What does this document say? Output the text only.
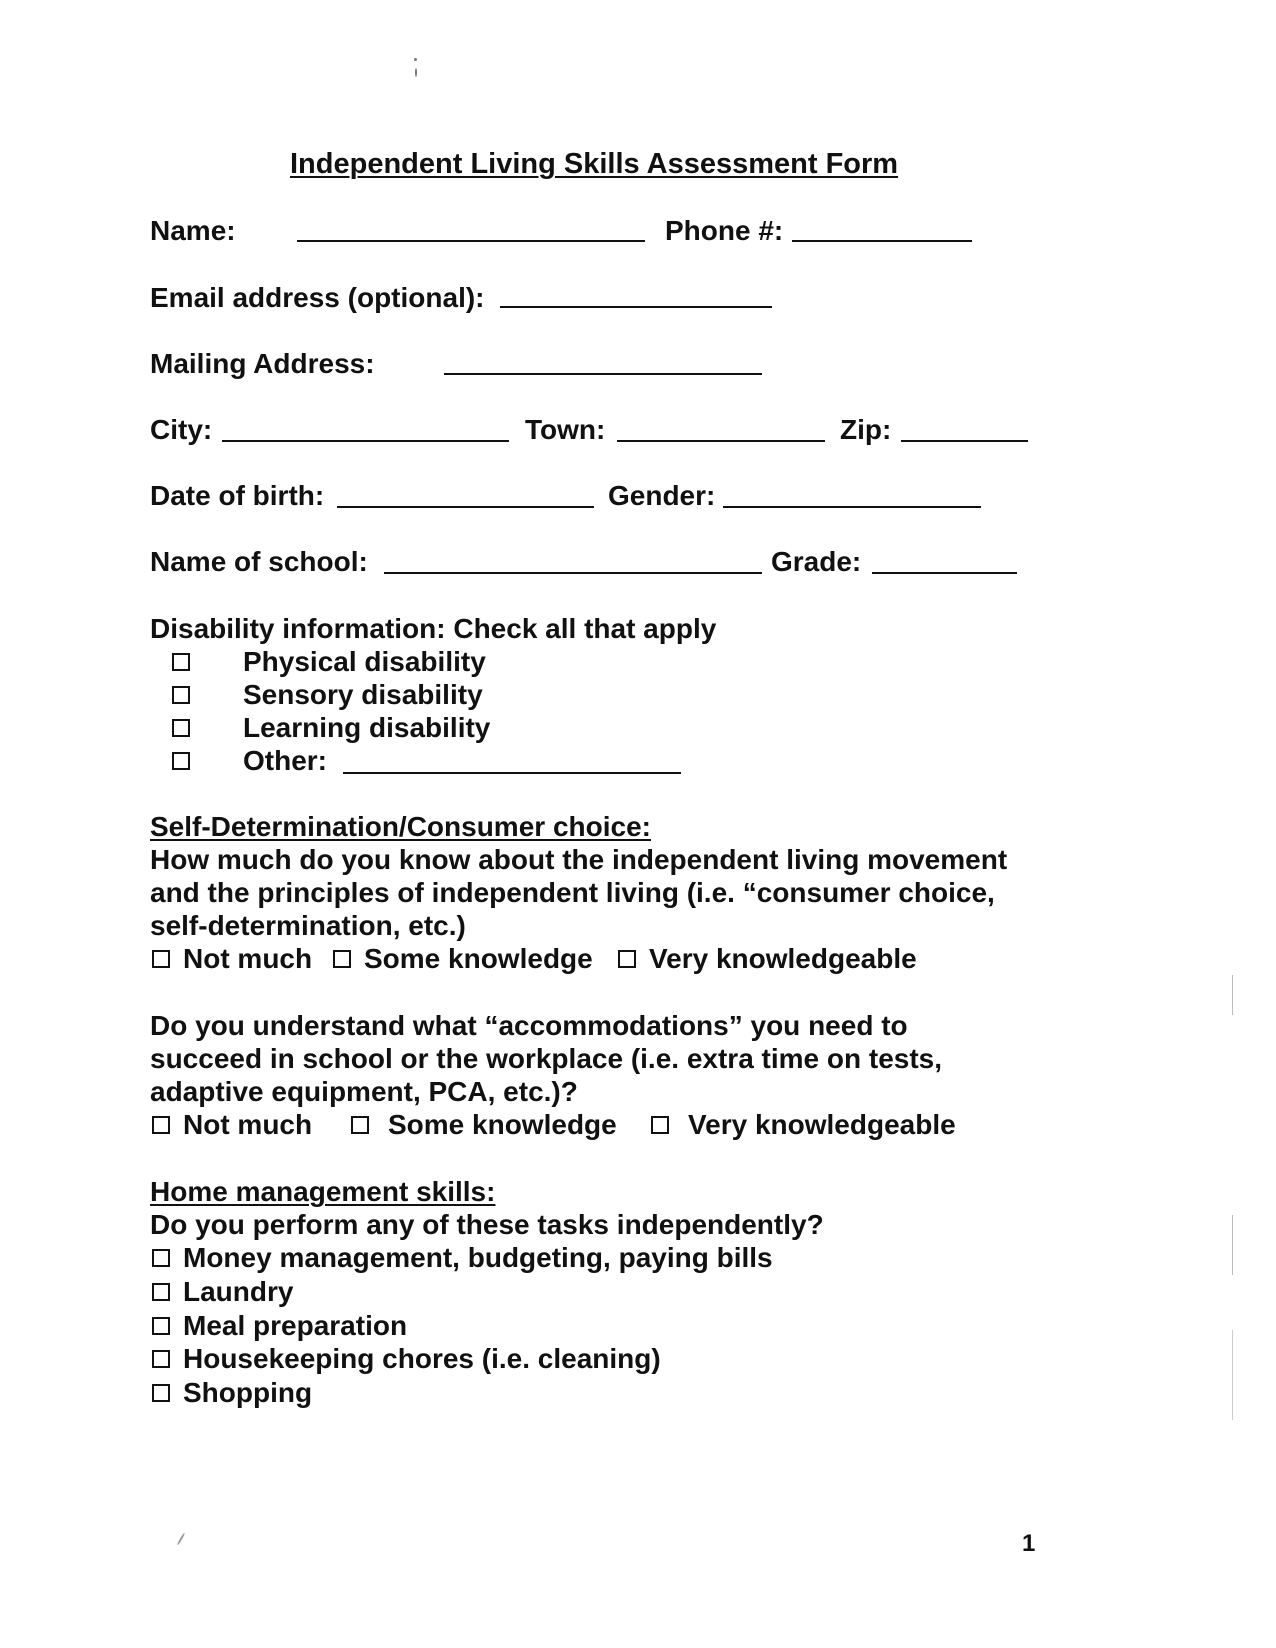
Independent Living Skills Assessment Form
Name:	Phone #:
Email address (optional):
Mailing Address:
City:	Town:	Zip:
Date of birth:	Gender:
Name of school:	Grade:
Disability information: Check all that apply
Physical disability
Sensory disability
Learning disability
Other:
Self-Determination/Consumer choice:
How much do you know about the independent living movement
and the principles of independent living (i.e. “consumer choice,
self-determination, etc.)
Not much Some knowledge Very knowledgeable
Do you understand what “accommodations” you need to
succeed in school or the workplace (i.e. extra time on tests,
adaptive equipment, PCA, etc.)?
Not much	Some knowledge	Very knowledgeable
Home management skills:
Do you perform any of these tasks independently?
Money management, budgeting, paying bills
Laundry
Meal preparation
Housekeeping chores (i.e. cleaning)
Shopping
1
